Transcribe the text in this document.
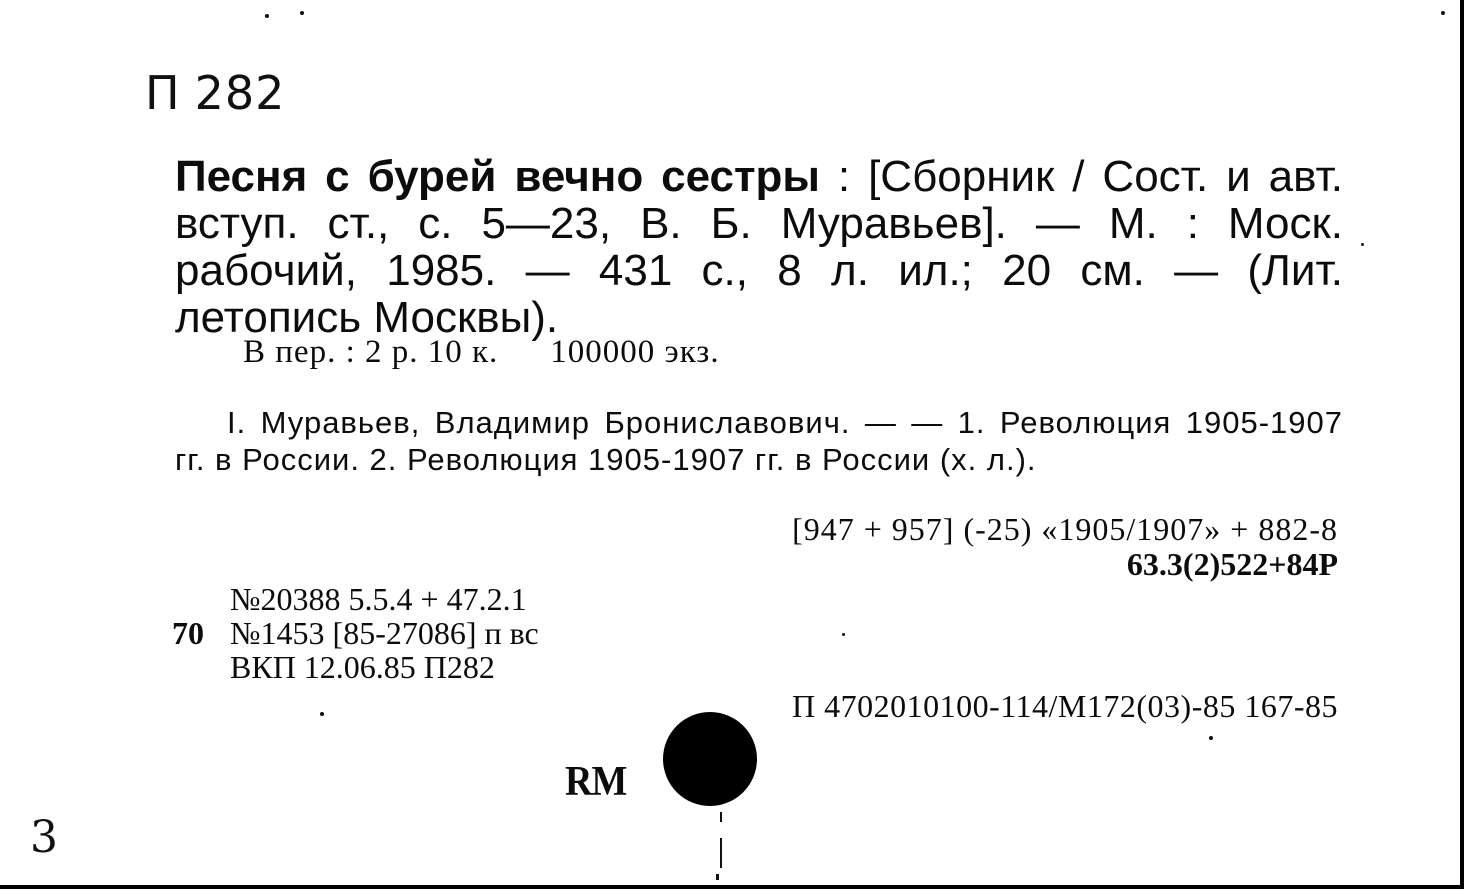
П 282
Песня с бурей вечно сестры : [Сборник / Сост. и авт. вступ. ст., с. 5—23, В. Б. Муравьев]. — М. : Моск. рабочий, 1985. — 431 с., 8 л. ил.; 20 см. — (Лит. летопись Москвы).
В пер. : 2 р. 10 к. 100000 экз.
I. Муравьев, Владимир Брониславович. — — 1. Революция 1905-1907 гг. в России. 2. Революция 1905-1907 гг. в России (х. л.).
[947 + 957] (-25) «1905/1907» + 882-8
63.3(2)522+84Р
№20388 5.5.4 + 47.2.1
70 №1453 [85-27086] п вс
ВКП 12.06.85 П282
П 4702010100-114/М172(03)-85 167-85
RM
3
